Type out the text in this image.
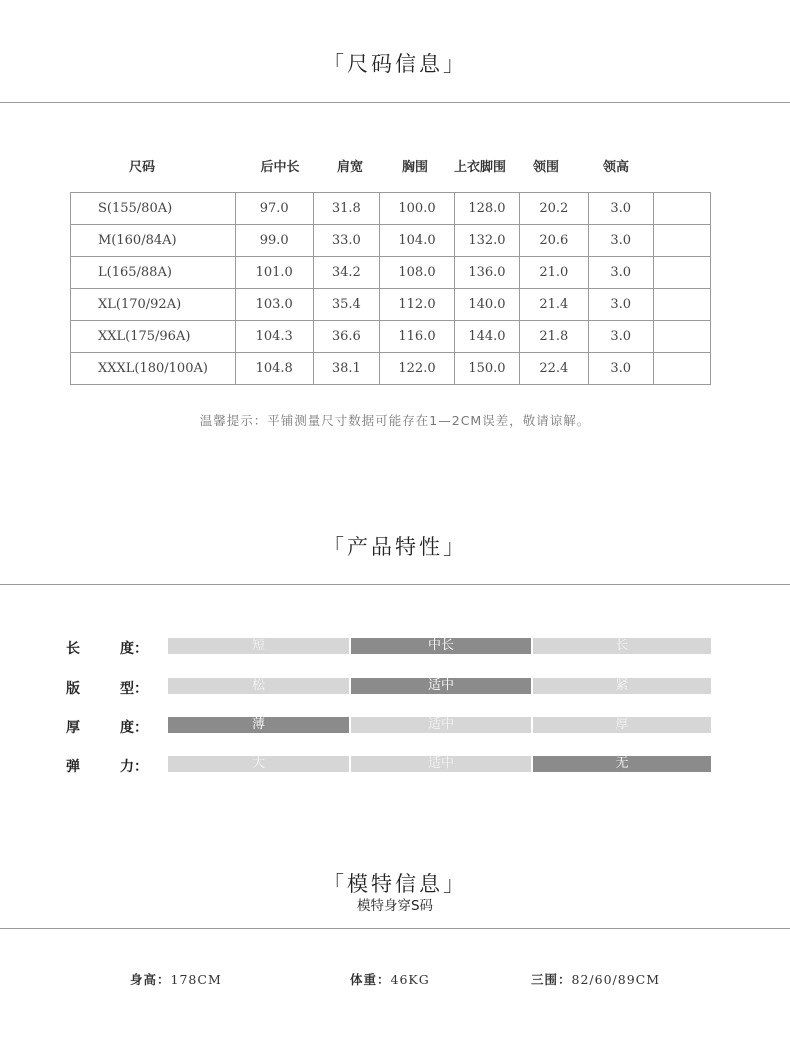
「尺码信息」
尺码	后中长	肩宽	胸围	上衣脚围	领围	领高
S(155/80A)	97.0	31.8	100.0	128.0	20.2	3.0	
M(160/84A)	99.0	33.0	104.0	132.0	20.6	3.0	
L(165/88A)	101.0	34.2	108.0	136.0	21.0	3.0	
XL(170/92A)	103.0	35.4	112.0	140.0	21.4	3.0	
XXL(175/96A)	104.3	36.6	116.0	144.0	21.8	3.0	
XXXL(180/100A)	104.8	38.1	122.0	150.0	22.4	3.0	
温馨提示：平铺测量尺寸数据可能存在1—2CM误差，敬请谅解。
「产品特性」
长	度：	短	中长	长
版	型：	松	适中	紧
厚	度：	薄	适中	厚
弹	力：	大	适中	无
「模特信息」
模特身穿S码
身高：178CM	体重：46KG	三围：82/60/89CM
